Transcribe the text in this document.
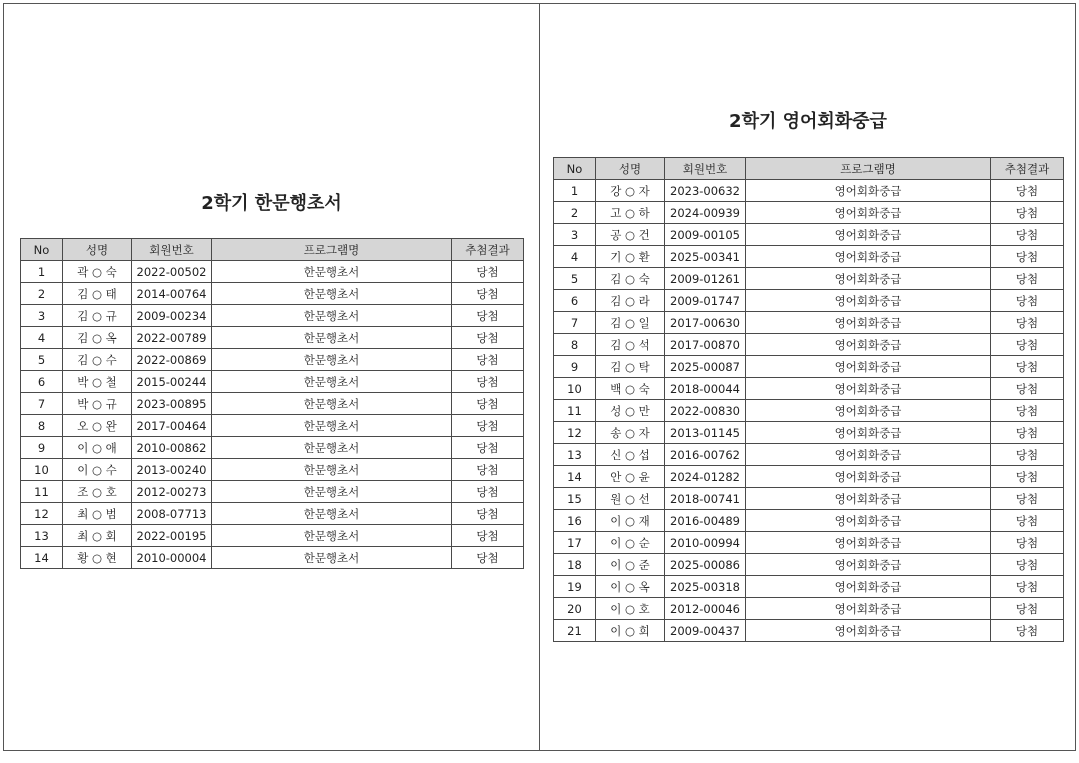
2학기 한문행초서
No	성명	회원번호	프로그램명	추첨결과
1	곽 ○ 숙	2022-00502	한문행초서	당첨
2	김 ○ 태	2014-00764	한문행초서	당첨
3	김 ○ 규	2009-00234	한문행초서	당첨
4	김 ○ 옥	2022-00789	한문행초서	당첨
5	김 ○ 수	2022-00869	한문행초서	당첨
6	박 ○ 철	2015-00244	한문행초서	당첨
7	박 ○ 규	2023-00895	한문행초서	당첨
8	오 ○ 완	2017-00464	한문행초서	당첨
9	이 ○ 애	2010-00862	한문행초서	당첨
10	이 ○ 수	2013-00240	한문행초서	당첨
11	조 ○ 호	2012-00273	한문행초서	당첨
12	최 ○ 범	2008-07713	한문행초서	당첨
13	최 ○ 회	2022-00195	한문행초서	당첨
14	황 ○ 현	2010-00004	한문행초서	당첨
2학기 영어회화중급
No	성명	회원번호	프로그램명	추첨결과
1	강 ○ 자	2023-00632	영어회화중급	당첨
2	고 ○ 하	2024-00939	영어회화중급	당첨
3	공 ○ 건	2009-00105	영어회화중급	당첨
4	기 ○ 환	2025-00341	영어회화중급	당첨
5	김 ○ 숙	2009-01261	영어회화중급	당첨
6	김 ○ 라	2009-01747	영어회화중급	당첨
7	김 ○ 일	2017-00630	영어회화중급	당첨
8	김 ○ 석	2017-00870	영어회화중급	당첨
9	김 ○ 탁	2025-00087	영어회화중급	당첨
10	백 ○ 숙	2018-00044	영어회화중급	당첨
11	성 ○ 만	2022-00830	영어회화중급	당첨
12	송 ○ 자	2013-01145	영어회화중급	당첨
13	신 ○ 섭	2016-00762	영어회화중급	당첨
14	안 ○ 윤	2024-01282	영어회화중급	당첨
15	원 ○ 선	2018-00741	영어회화중급	당첨
16	이 ○ 재	2016-00489	영어회화중급	당첨
17	이 ○ 순	2010-00994	영어회화중급	당첨
18	이 ○ 준	2025-00086	영어회화중급	당첨
19	이 ○ 옥	2025-00318	영어회화중급	당첨
20	이 ○ 호	2012-00046	영어회화중급	당첨
21	이 ○ 희	2009-00437	영어회화중급	당첨
